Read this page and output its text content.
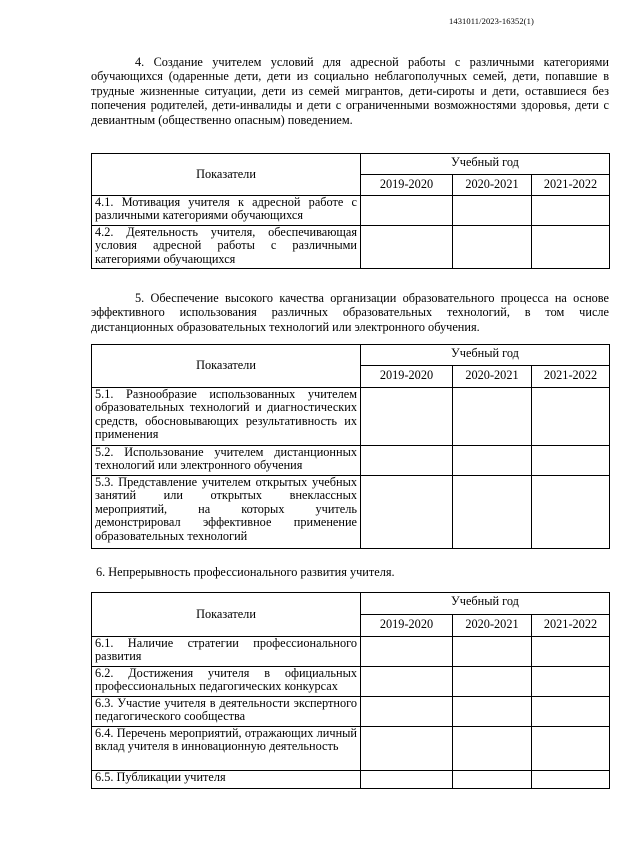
1431011/2023-16352(1)

4. Создание учителем условий для адресной работы с различными категориями обучающихся (одаренные дети, дети из социально неблагополучных семей, дети, попавшие в трудные жизненные ситуации, дети из семей мигрантов, дети-сироты и дети, оставшиеся без попечения родителей, дети-инвалиды и дети с ограниченными возможностями здоровья, дети с девиантным (общественно опасным) поведением.

Показатели	Учебный год		
	2019-2020	2020-2021	2021-2022
4.1. Мотивация учителя к адресной работе с различными категориями обучающихся			
4.2. Деятельность учителя, обеспечивающая условия адресной работы с различными категориями обучающихся			

5. Обеспечение высокого качества организации образовательного процесса на основе эффективного использования различных образовательных технологий, в том числе дистанционных образовательных технологий или электронного обучения.

Показатели	Учебный год		
	2019-2020	2020-2021	2021-2022
5.1. Разнообразие использованных учителем образовательных технологий и диагностических средств, обосновывающих результативность их применения			
5.2. Использование учителем дистанционных технологий или электронного обучения			
5.3. Представление учителем открытых учебных занятий или открытых внеклассных мероприятий, на которых учитель демонстрировал эффективное применение образовательных технологий			

6. Непрерывность профессионального развития учителя.

Показатели	Учебный год		
	2019-2020	2020-2021	2021-2022
6.1. Наличие стратегии профессионального развития			
6.2. Достижения учителя в официальных профессиональных педагогических конкурсах			
6.3. Участие учителя в деятельности экспертного педагогического сообщества			
6.4. Перечень мероприятий, отражающих личный вклад учителя в инновационную деятельность			
6.5. Публикации учителя			
